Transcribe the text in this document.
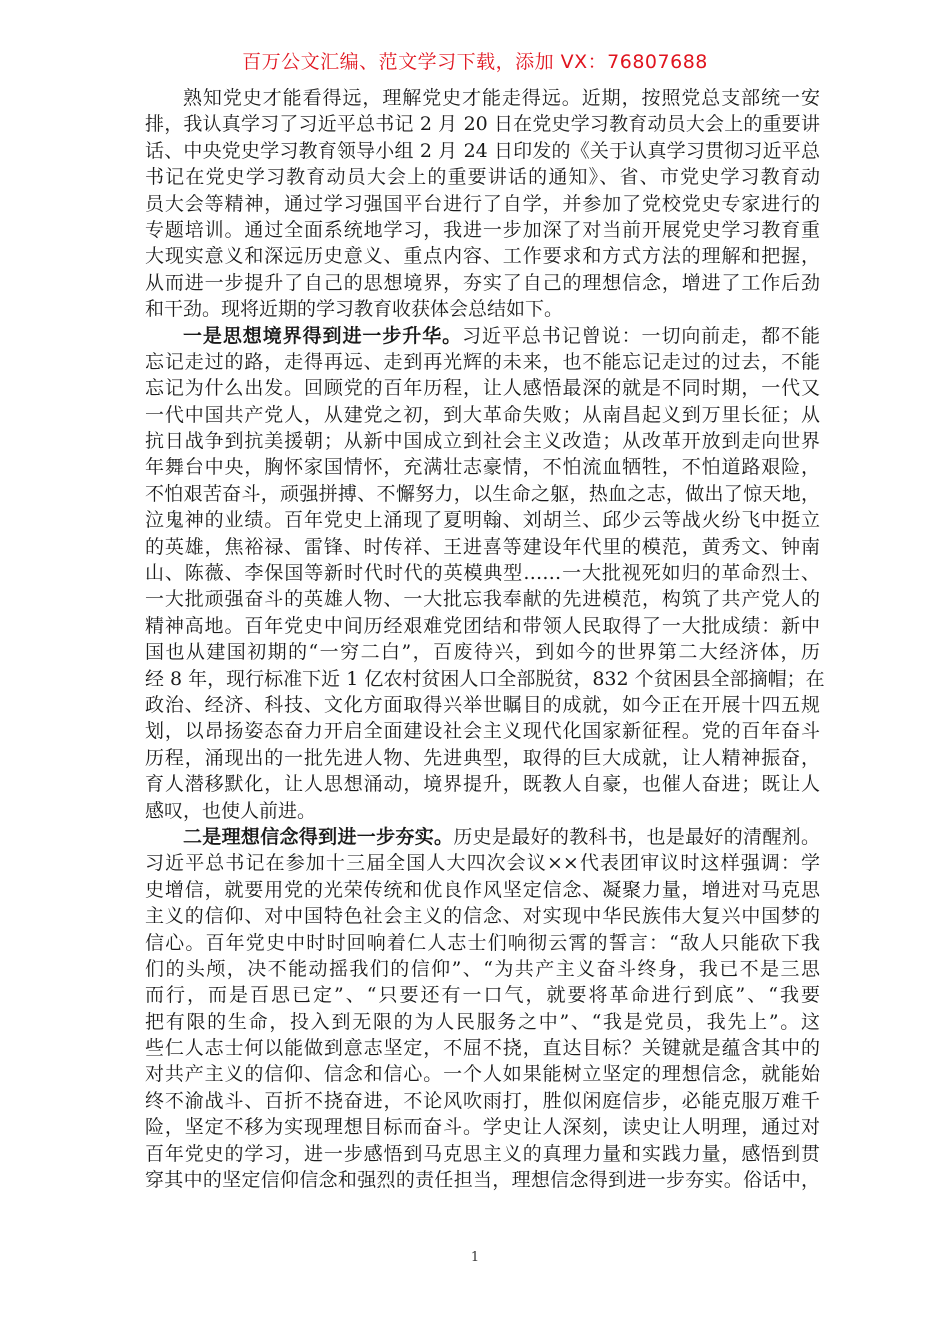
百万公文汇编、范文学习下载，添加 VX：76807688
熟知党史才能看得远，理解党史才能走得远。近期，按照党总支部统一安
排，我认真学习了习近平总书记 2 月 20 日在党史学习教育动员大会上的重要讲
话、中央党史学习教育领导小组 2 月 24 日印发的《关于认真学习贯彻习近平总
书记在党史学习教育动员大会上的重要讲话的通知》、省、市党史学习教育动
员大会等精神，通过学习强国平台进行了自学，并参加了党校党史专家进行的
专题培训。通过全面系统地学习，我进一步加深了对当前开展党史学习教育重
大现实意义和深远历史意义、重点内容、工作要求和方式方法的理解和把握，
从而进一步提升了自己的思想境界，夯实了自己的理想信念，增进了工作后劲
和干劲。现将近期的学习教育收获体会总结如下。
一是思想境界得到进一步升华。习近平总书记曾说：一切向前走，都不能
忘记走过的路，走得再远、走到再光辉的未来，也不能忘记走过的过去，不能
忘记为什么出发。回顾党的百年历程，让人感悟最深的就是不同时期，一代又
一代中国共产党人，从建党之初，到大革命失败；从南昌起义到万里长征；从
抗日战争到抗美援朝；从新中国成立到社会主义改造；从改革开放到走向世界
年舞台中央，胸怀家国情怀，充满壮志豪情，不怕流血牺牲，不怕道路艰险，
不怕艰苦奋斗，顽强拼搏、不懈努力，以生命之躯，热血之志，做出了惊天地，
泣鬼神的业绩。百年党史上涌现了夏明翰、刘胡兰、邱少云等战火纷飞中挺立
的英雄，焦裕禄、雷锋、时传祥、王进喜等建设年代里的模范，黄秀文、钟南
山、陈薇、李保国等新时代时代的英模典型……一大批视死如归的革命烈士、
一大批顽强奋斗的英雄人物、一大批忘我奉献的先进模范，构筑了共产党人的
精神高地。百年党史中间历经艰难党团结和带领人民取得了一大批成绩：新中
国也从建国初期的“一穷二白”，百废待兴，到如今的世界第二大经济体，历
经 8 年，现行标准下近 1 亿农村贫困人口全部脱贫，832 个贫困县全部摘帽；在
政治、经济、科技、文化方面取得兴举世瞩目的成就，如今正在开展十四五规
划，以昂扬姿态奋力开启全面建设社会主义现代化国家新征程。党的百年奋斗
历程，涌现出的一批先进人物、先进典型，取得的巨大成就，让人精神振奋，
育人潜移默化，让人思想涌动，境界提升，既教人自豪，也催人奋进；既让人
感叹，也使人前进。
二是理想信念得到进一步夯实。历史是最好的教科书，也是最好的清醒剂。
习近平总书记在参加十三届全国人大四次会议××代表团审议时这样强调：学
史增信，就要用党的光荣传统和优良作风坚定信念、凝聚力量，增进对马克思
主义的信仰、对中国特色社会主义的信念、对实现中华民族伟大复兴中国梦的
信心。百年党史中时时回响着仁人志士们响彻云霄的誓言：“敌人只能砍下我
们的头颅，决不能动摇我们的信仰”、“为共产主义奋斗终身，我已不是三思
而行，而是百思已定”、“只要还有一口气，就要将革命进行到底”、“我要
把有限的生命，投入到无限的为人民服务之中”、“我是党员，我先上”。这
些仁人志士何以能做到意志坚定，不屈不挠，直达目标？关键就是蕴含其中的
对共产主义的信仰、信念和信心。一个人如果能树立坚定的理想信念，就能始
终不渝战斗、百折不挠奋进，不论风吹雨打，胜似闲庭信步，必能克服万难千
险，坚定不移为实现理想目标而奋斗。学史让人深刻，读史让人明理，通过对
百年党史的学习，进一步感悟到马克思主义的真理力量和实践力量，感悟到贯
穿其中的坚定信仰信念和强烈的责任担当，理想信念得到进一步夯实。俗话中，
1
